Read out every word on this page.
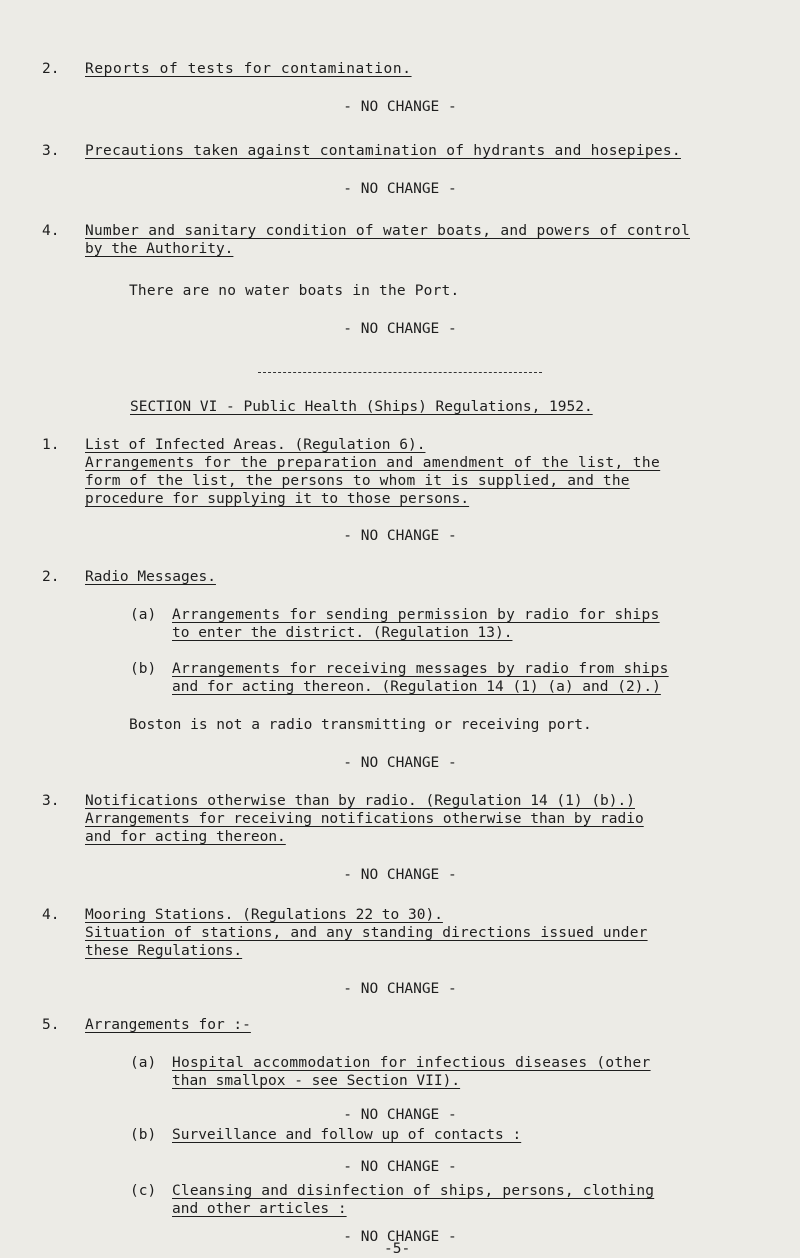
2. Reports of tests for contamination.
- NO CHANGE -
3. Precautions taken against contamination of hydrants and hosepipes.
- NO CHANGE -
4. Number and sanitary condition of water boats, and powers of control
by the Authority.
There are no water boats in the Port.
- NO CHANGE -
SECTION VI - Public Health (Ships) Regulations, 1952.
1. List of Infected Areas. (Regulation 6).
Arrangements for the preparation and amendment of the list, the
form of the list, the persons to whom it is supplied, and the
procedure for supplying it to those persons.
- NO CHANGE -
2. Radio Messages.
(a) Arrangements for sending permission by radio for ships
to enter the district. (Regulation 13).
(b) Arrangements for receiving messages by radio from ships
and for acting thereon. (Regulation 14 (1) (a) and (2).)
Boston is not a radio transmitting or receiving port.
- NO CHANGE -
3. Notifications otherwise than by radio. (Regulation 14 (1) (b).)
Arrangements for receiving notifications otherwise than by radio
and for acting thereon.
- NO CHANGE -
4. Mooring Stations. (Regulations 22 to 30).
Situation of stations, and any standing directions issued under
these Regulations.
- NO CHANGE -
5. Arrangements for :-
(a) Hospital accommodation for infectious diseases (other
than smallpox - see Section VII).
- NO CHANGE -
(b) Surveillance and follow up of contacts :
- NO CHANGE -
(c) Cleansing and disinfection of ships, persons, clothing
and other articles :
- NO CHANGE -
-5-
